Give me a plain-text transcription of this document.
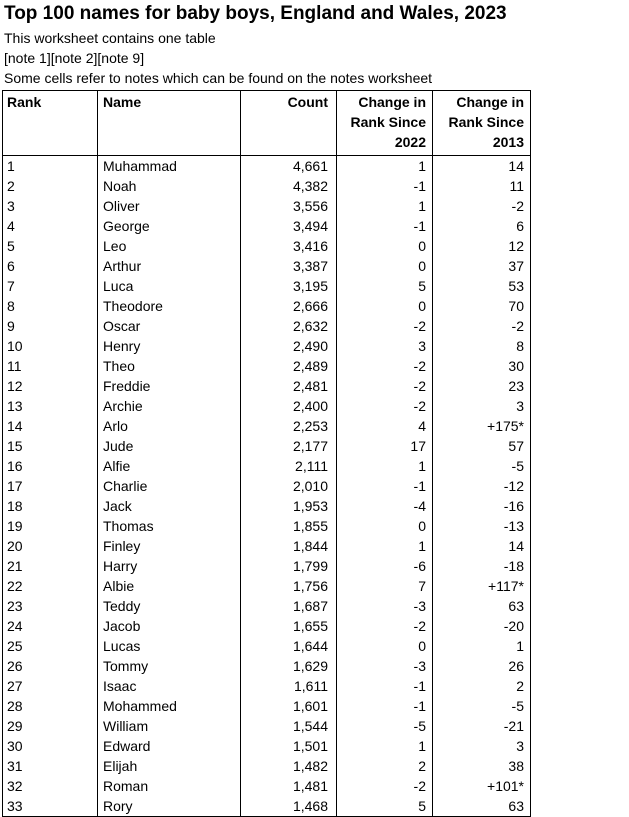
Top 100 names for baby boys, England and Wales, 2023

This worksheet contains one table

[note 1][note 2][note 9]

Some cells refer to notes which can be found on the notes worksheet

Rank	Name	Count	Change in Rank Since 2022	Change in Rank Since 2013
1	Muhammad	4,661	1	14
2	Noah	4,382	-1	11
3	Oliver	3,556	1	-2
4	George	3,494	-1	6
5	Leo	3,416	0	12
6	Arthur	3,387	0	37
7	Luca	3,195	5	53
8	Theodore	2,666	0	70
9	Oscar	2,632	-2	-2
10	Henry	2,490	3	8
11	Theo	2,489	-2	30
12	Freddie	2,481	-2	23
13	Archie	2,400	-2	3
14	Arlo	2,253	4	+175*
15	Jude	2,177	17	57
16	Alfie	2,111	1	-5
17	Charlie	2,010	-1	-12
18	Jack	1,953	-4	-16
19	Thomas	1,855	0	-13
20	Finley	1,844	1	14
21	Harry	1,799	-6	-18
22	Albie	1,756	7	+117*
23	Teddy	1,687	-3	63
24	Jacob	1,655	-2	-20
25	Lucas	1,644	0	1
26	Tommy	1,629	-3	26
27	Isaac	1,611	-1	2
28	Mohammed	1,601	-1	-5
29	William	1,544	-5	-21
30	Edward	1,501	1	3
31	Elijah	1,482	2	38
32	Roman	1,481	-2	+101*
33	Rory	1,468	5	63
